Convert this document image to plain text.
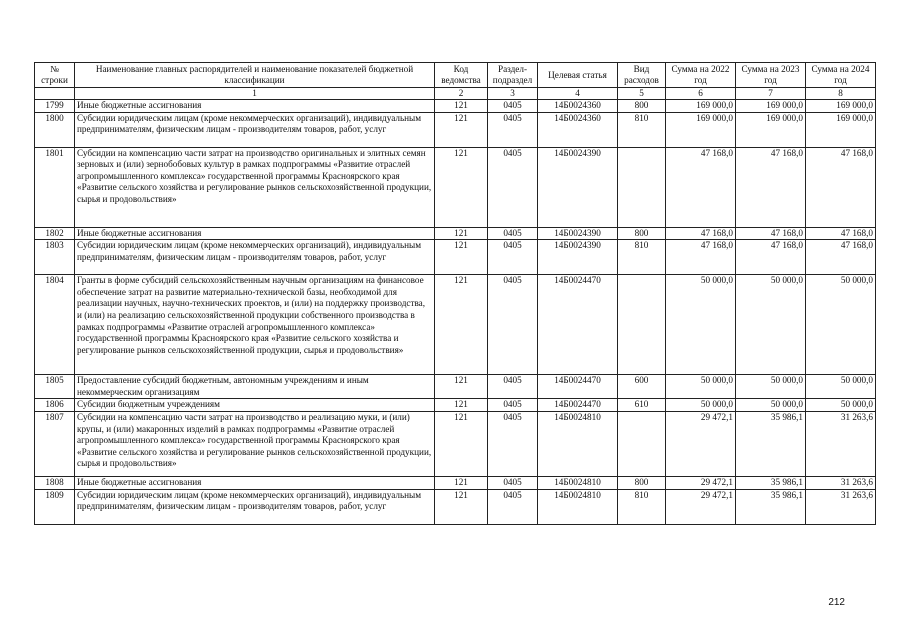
№ строки	Наименование главных распорядителей и наименование показателей бюджетной классификации	Код ведомства	Раздел-подраздел	Целевая статья	Вид расходов	Сумма на 2022 год	Сумма на 2023 год	Сумма на 2024 год
	1	2	3	4	5	6	7	8
1799	Иные бюджетные ассигнования	121	0405	14Б0024360	800	169 000,0	169 000,0	169 000,0
1800	Субсидии юридическим лицам (кроме некоммерческих организаций), индивидуальным предпринимателям, физическим лицам - производителям товаров, работ, услуг	121	0405	14Б0024360	810	169 000,0	169 000,0	169 000,0
1801	Субсидии на компенсацию части затрат на производство оригинальных и элитных семян зерновых и (или) зернобобовых культур в рамках подпрограммы «Развитие отраслей агропромышленного комплекса» государственной программы Красноярского края «Развитие сельского хозяйства и регулирование рынков сельскохозяйственной продукции, сырья и продовольствия»	121	0405	14Б0024390		47 168,0	47 168,0	47 168,0
1802	Иные бюджетные ассигнования	121	0405	14Б0024390	800	47 168,0	47 168,0	47 168,0
1803	Субсидии юридическим лицам (кроме некоммерческих организаций), индивидуальным предпринимателям, физическим лицам - производителям товаров, работ, услуг	121	0405	14Б0024390	810	47 168,0	47 168,0	47 168,0
1804	Гранты в форме субсидий сельскохозяйственным научным организациям на финансовое обеспечение затрат на развитие материально-технической базы, необходимой для реализации научных, научно-технических проектов, и (или) на поддержку производства, и (или) на реализацию сельскохозяйственной продукции собственного производства в рамках подпрограммы «Развитие отраслей агропромышленного комплекса» государственной программы Красноярского края «Развитие сельского хозяйства и регулирование рынков сельскохозяйственной продукции, сырья и продовольствия»	121	0405	14Б0024470		50 000,0	50 000,0	50 000,0
1805	Предоставление субсидий бюджетным, автономным учреждениям и иным некоммерческим организациям	121	0405	14Б0024470	600	50 000,0	50 000,0	50 000,0
1806	Субсидии бюджетным учреждениям	121	0405	14Б0024470	610	50 000,0	50 000,0	50 000,0
1807	Субсидии на компенсацию части затрат на производство и реализацию муки, и (или) крупы, и (или) макаронных изделий в рамках подпрограммы «Развитие отраслей агропромышленного комплекса» государственной программы Красноярского края «Развитие сельского хозяйства и регулирование рынков сельскохозяйственной продукции, сырья и продовольствия»	121	0405	14Б0024810		29 472,1	35 986,1	31 263,6
1808	Иные бюджетные ассигнования	121	0405	14Б0024810	800	29 472,1	35 986,1	31 263,6
1809	Субсидии юридическим лицам (кроме некоммерческих организаций), индивидуальным предпринимателям, физическим лицам - производителям товаров, работ, услуг	121	0405	14Б0024810	810	29 472,1	35 986,1	31 263,6
212
